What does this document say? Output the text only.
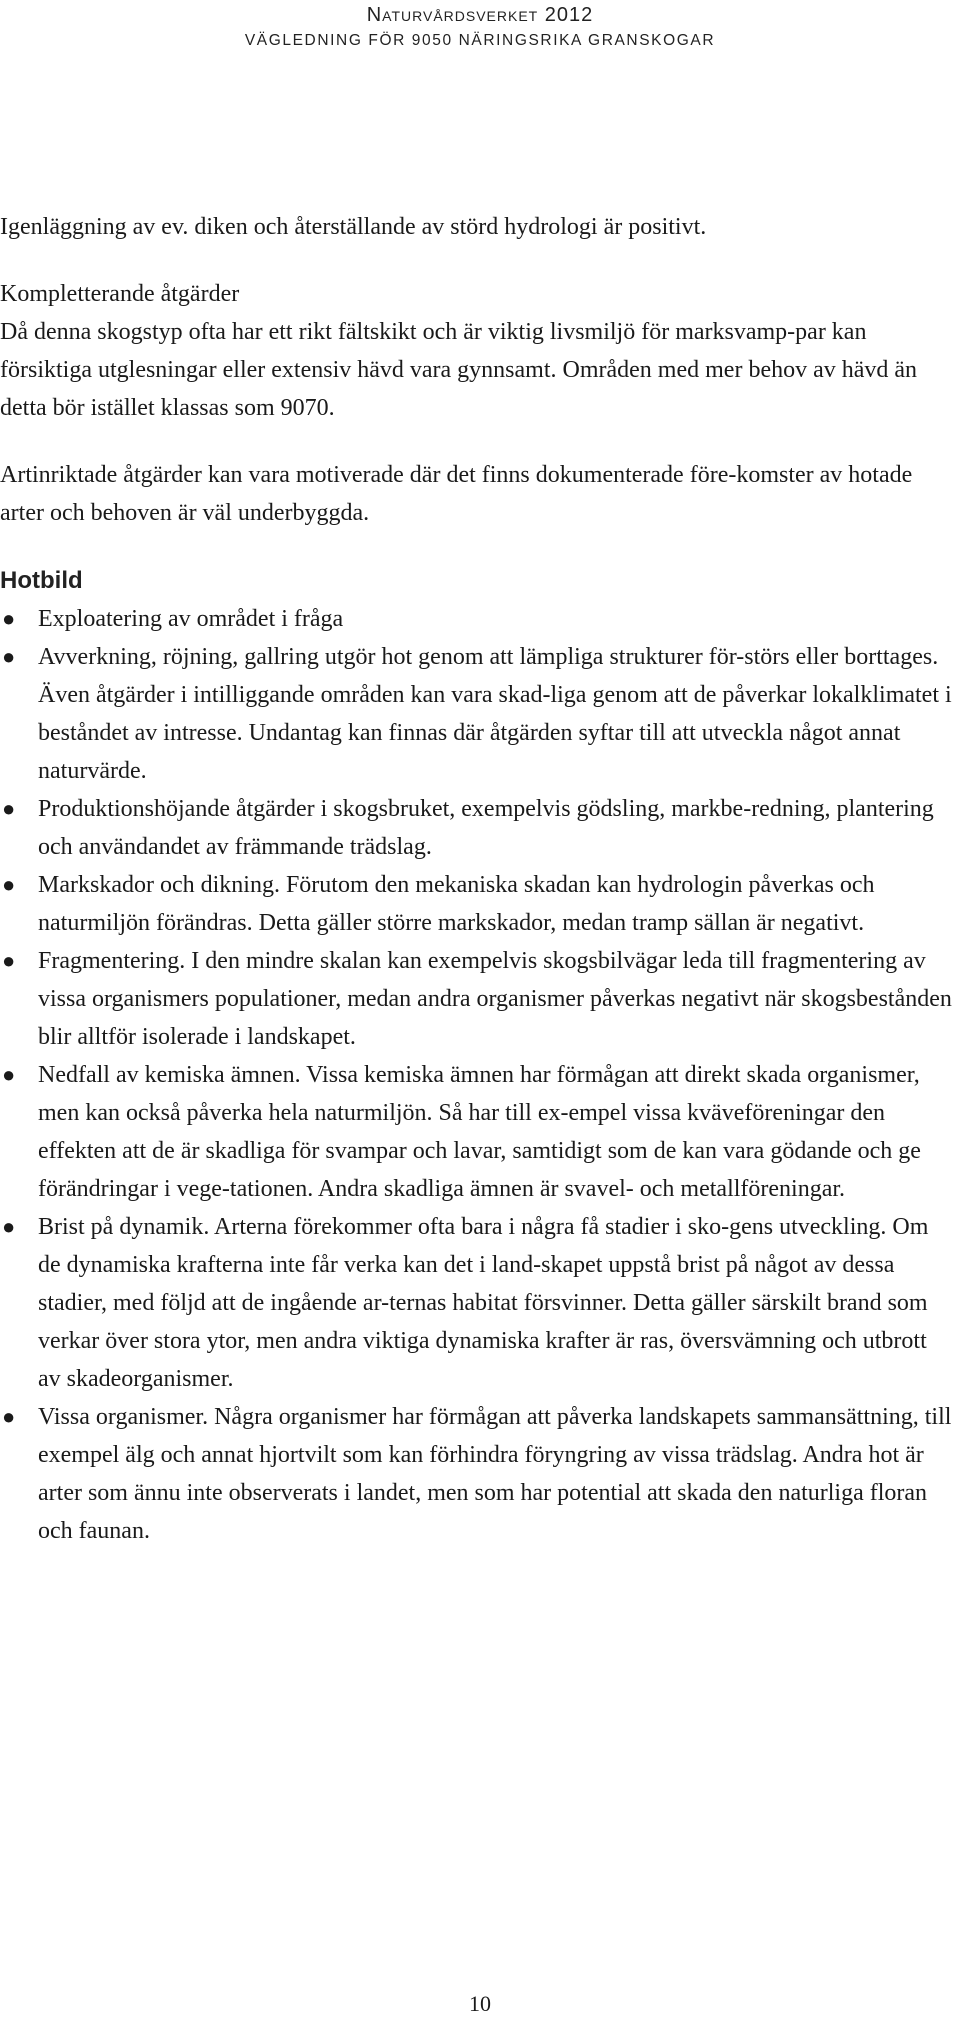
Naturvårdsverket 2012
VÄGLEDNING FÖR 9050 NÄRINGSRIKA GRANSKOGAR

Igenläggning av ev. diken och återställande av störd hydrologi är positivt.

Kompletterande åtgärder

Då denna skogstyp ofta har ett rikt fältskikt och är viktig livsmiljö för marksvamp-par kan försiktiga utglesningar eller extensiv hävd vara gynnsamt. Områden med mer behov av hävd än detta bör istället klassas som 9070.

Artinriktade åtgärder kan vara motiverade där det finns dokumenterade före-komster av hotade arter och behoven är väl underbyggda.

Hotbild
● Exploatering av området i fråga
● Avverkning, röjning, gallring utgör hot genom att lämpliga strukturer för-störs eller borttages. Även åtgärder i intilliggande områden kan vara skad-liga genom att de påverkar lokalklimatet i beståndet av intresse. Undantag kan finnas där åtgärden syftar till att utveckla något annat naturvärde.
● Produktionshöjande åtgärder i skogsbruket, exempelvis gödsling, markbe-redning, plantering och användandet av främmande trädslag.
● Markskador och dikning. Förutom den mekaniska skadan kan hydrologin påverkas och naturmiljön förändras. Detta gäller större markskador, medan tramp sällan är negativt.
● Fragmentering. I den mindre skalan kan exempelvis skogsbilvägar leda till fragmentering av vissa organismers populationer, medan andra organismer påverkas negativt när skogsbestånden blir alltför isolerade i landskapet.
● Nedfall av kemiska ämnen. Vissa kemiska ämnen har förmågan att direkt skada organismer, men kan också påverka hela naturmiljön. Så har till ex-empel vissa kväveföreningar den effekten att de är skadliga för svampar och lavar, samtidigt som de kan vara gödande och ge förändringar i vege-tationen. Andra skadliga ämnen är svavel- och metallföreningar.
● Brist på dynamik. Arterna förekommer ofta bara i några få stadier i sko-gens utveckling. Om de dynamiska krafterna inte får verka kan det i land-skapet uppstå brist på något av dessa stadier, med följd att de ingående ar-ternas habitat försvinner. Detta gäller särskilt brand som verkar över stora ytor, men andra viktiga dynamiska krafter är ras, översvämning och utbrott av skadeorganismer.
● Vissa organismer. Några organismer har förmågan att påverka landskapets sammansättning, till exempel älg och annat hjortvilt som kan förhindra föryngring av vissa trädslag. Andra hot är arter som ännu inte observerats i landet, men som har potential att skada den naturliga floran och faunan.
10
